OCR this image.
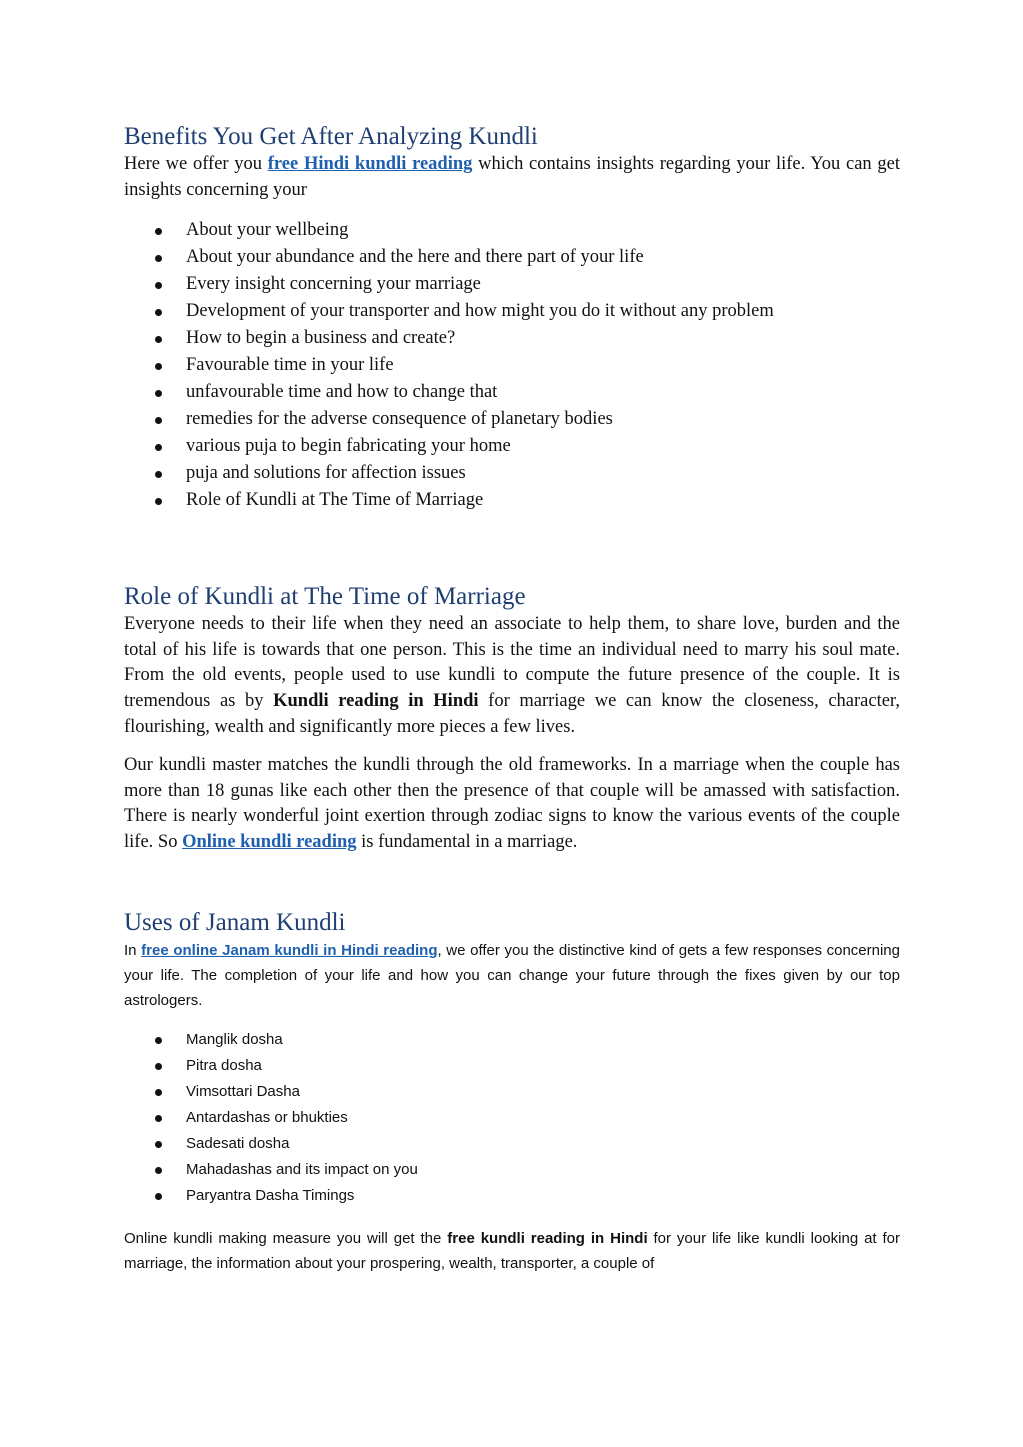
Benefits You Get After Analyzing Kundli

Here we offer you free Hindi kundli reading which contains insights regarding your life. You can get insights concerning your

About your wellbeing
About your abundance and the here and there part of your life
Every insight concerning your marriage
Development of your transporter and how might you do it without any problem
How to begin a business and create?
Favourable time in your life
unfavourable time and how to change that
remedies for the adverse consequence of planetary bodies
various puja to begin fabricating your home
puja and solutions for affection issues
Role of Kundli at The Time of Marriage
Role of Kundli at The Time of Marriage

Everyone needs to their life when they need an associate to help them, to share love, burden and the total of his life is towards that one person. This is the time an individual need to marry his soul mate. From the old events, people used to use kundli to compute the future presence of the couple. It is tremendous as by Kundli reading in Hindi for marriage we can know the closeness, character, flourishing, wealth and significantly more pieces a few lives.

Our kundli master matches the kundli through the old frameworks. In a marriage when the couple has more than 18 gunas like each other then the presence of that couple will be amassed with satisfaction. There is nearly wonderful joint exertion through zodiac signs to know the various events of the couple life. So Online kundli reading is fundamental in a marriage.

Uses of Janam Kundli

In free online Janam kundli in Hindi reading, we offer you the distinctive kind of gets a few responses concerning your life. The completion of your life and how you can change your future through the fixes given by our top astrologers.

Manglik dosha
Pitra dosha
Vimsottari Dasha
Antardashas or bhukties
Sadesati dosha
Mahadashas and its impact on you
Paryantra Dasha Timings

Online kundli making measure you will get the free kundli reading in Hindi for your life like kundli looking at for marriage, the information about your prospering, wealth, transporter, a couple of
